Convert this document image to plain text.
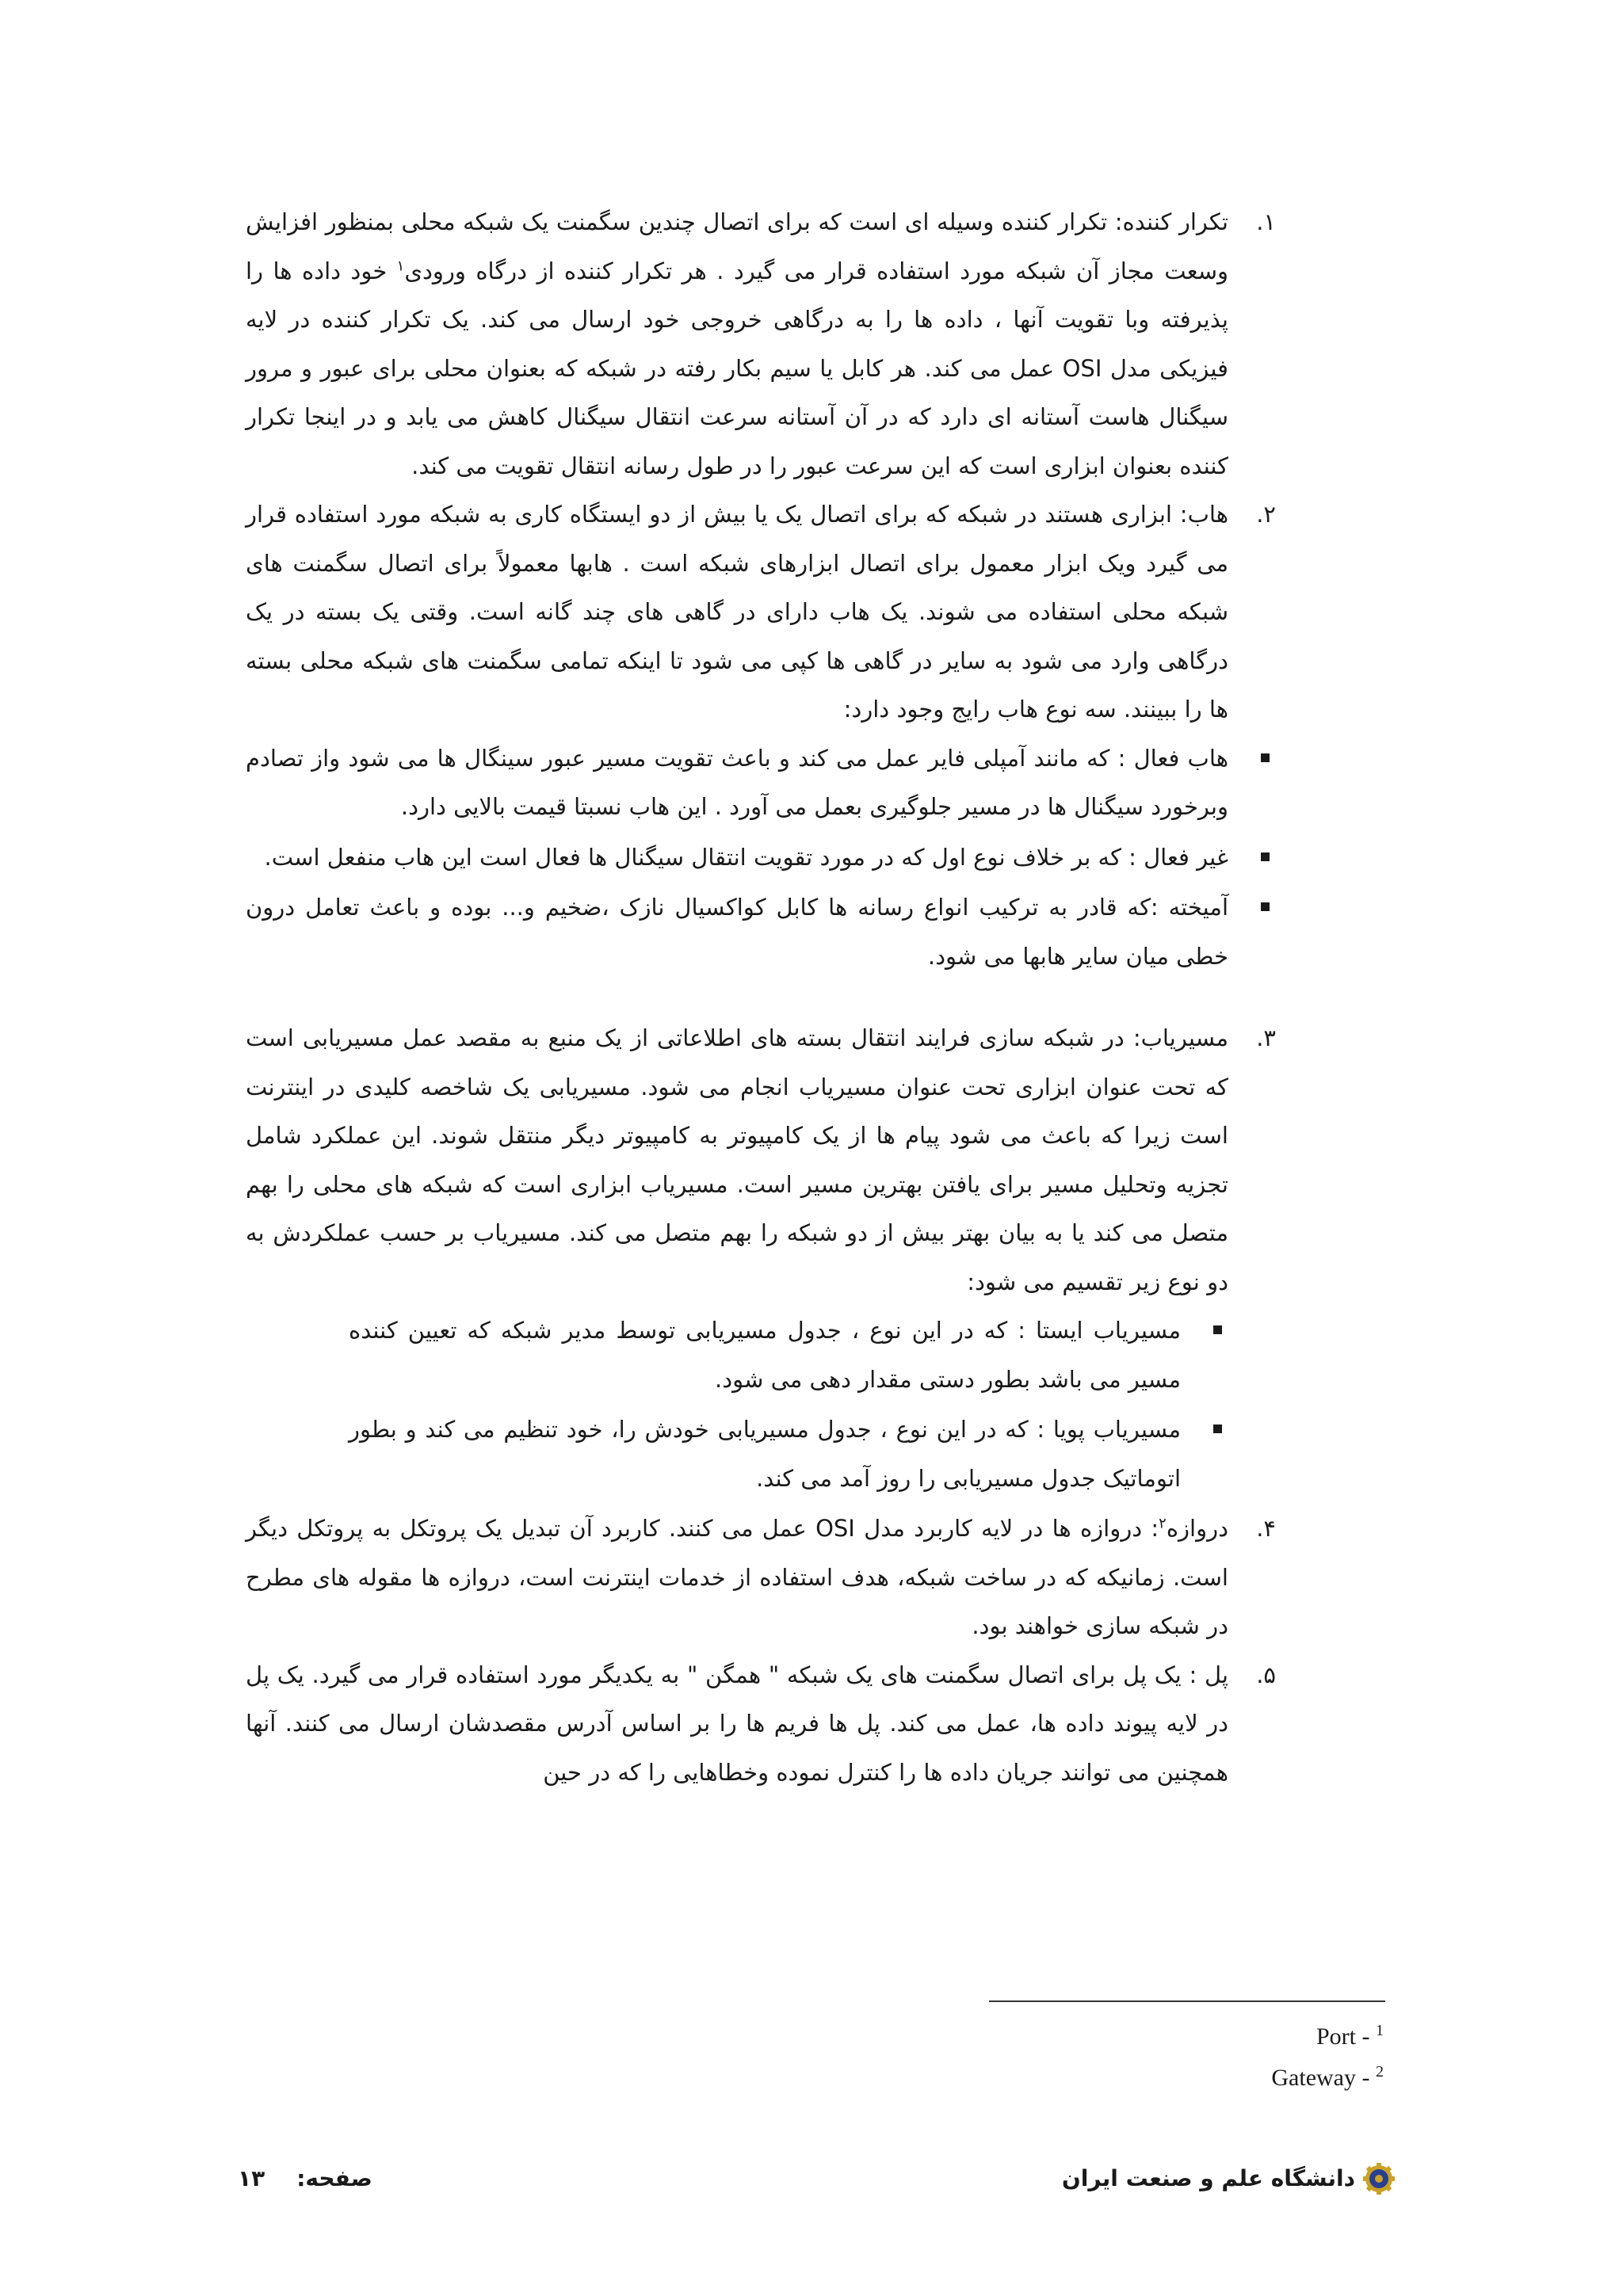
۱.
تکرار کننده: تکرار کننده وسیله ای است که برای اتصال چندین سگمنت یک شبکه محلی بمنظور افزایش وسعت مجاز آن شبکه مورد استفاده قرار می گیرد . هر تکرار کننده از درگاه ورودی$^۱$ خود داده ها را پذیرفته وبا تقویت آنها ، داده ها را به درگاهی خروجی خود ارسال می کند. یک تکرار کننده در لایه فیزیکی مدل OSI عمل می کند. هر کابل یا سیم بکار رفته در شبکه که بعنوان محلی برای عبور و مرور سیگنال هاست آستانه ای دارد که در آن آستانه سرعت انتقال سیگنال کاهش می یابد و در اینجا تکرار کننده بعنوان ابزاری است که این سرعت عبور را در طول رسانه انتقال تقویت می کند.

۲.
هاب: ابزاری هستند در شبکه که برای اتصال یک یا بیش از دو ایستگاه کاری به شبکه مورد استفاده قرار می گیرد ویک ابزار معمول برای اتصال ابزارهای شبکه است . هابها معمولاً برای اتصال سگمنت های شبکه محلی استفاده می شوند. یک هاب دارای در گاهی های چند گانه است. وقتی یک بسته در یک درگاهی وارد می شود به سایر در گاهی ها کپی می شود تا اینکه تمامی سگمنت های شبکه محلی بسته ها را ببینند. سه نوع هاب رایج وجود دارد:

هاب فعال : که مانند آمپلی فایر عمل می کند و باعث تقویت مسیر عبور سینگال ها می شود واز تصادم وبرخورد سیگنال ها در مسیر جلوگیری بعمل می آورد . این هاب نسبتا قیمت بالایی دارد.
غیر فعال : که بر خلاف نوع اول که در مورد تقویت انتقال سیگنال ها فعال است این هاب منفعل است.
آمیخته :که قادر به ترکیب انواع رسانه ها کابل کواکسیال نازک ،ضخیم و... بوده و باعث تعامل درون خطی میان سایر هابها می شود.

۳.
مسیریاب: در شبکه سازی فرایند انتقال بسته های اطلاعاتی از یک منبع به مقصد عمل مسیریابی است که تحت عنوان ابزاری تحت عنوان مسیریاب انجام می شود. مسیریابی یک شاخصه کلیدی در اینترنت است زیرا که باعث می شود پیام ها از یک کامپیوتر به کامپیوتر دیگر منتقل شوند. این عملکرد شامل تجزیه وتحلیل مسیر برای یافتن بهترین مسیر است. مسیریاب ابزاری است که شبکه های محلی را بهم متصل می کند یا به بیان بهتر بیش از دو شبکه را بهم متصل می کند. مسیریاب بر حسب عملکردش به دو نوع زیر تقسیم می شود:

مسیریاب ایستا : که در این نوع ، جدول مسیریابی توسط مدیر شبکه که تعیین کننده مسیر می باشد بطور دستی مقدار دهی می شود.
مسیریاب پویا : که در این نوع ، جدول مسیریابی خودش را، خود تنظیم می کند و بطور اتوماتیک جدول مسیریابی را روز آمد می کند.

۴.
دروازه$^۲$: دروازه ها در لایه کاربرد مدل OSI عمل می کنند. کاربرد آن تبدیل یک پروتکل به پروتکل دیگر است. زمانیکه که در ساخت شبکه، هدف استفاده از خدمات اینترنت است، دروازه ها مقوله های مطرح در شبکه سازی خواهند بود.

۵.
پل : یک پل برای اتصال سگمنت های یک شبکه " همگن " به یکدیگر مورد استفاده قرار می گیرد. یک پل در لایه پیوند داده ها، عمل می کند. پل ها فریم ها را بر اساس آدرس مقصدشان ارسال می کنند. آنها همچنین می توانند جریان داده ها را کنترل نموده وخطاهایی را که در حین

Port - $^1$
Gateway - $^2$
دانشگاه علم و صنعت ایران
صفحه:
۱۳
